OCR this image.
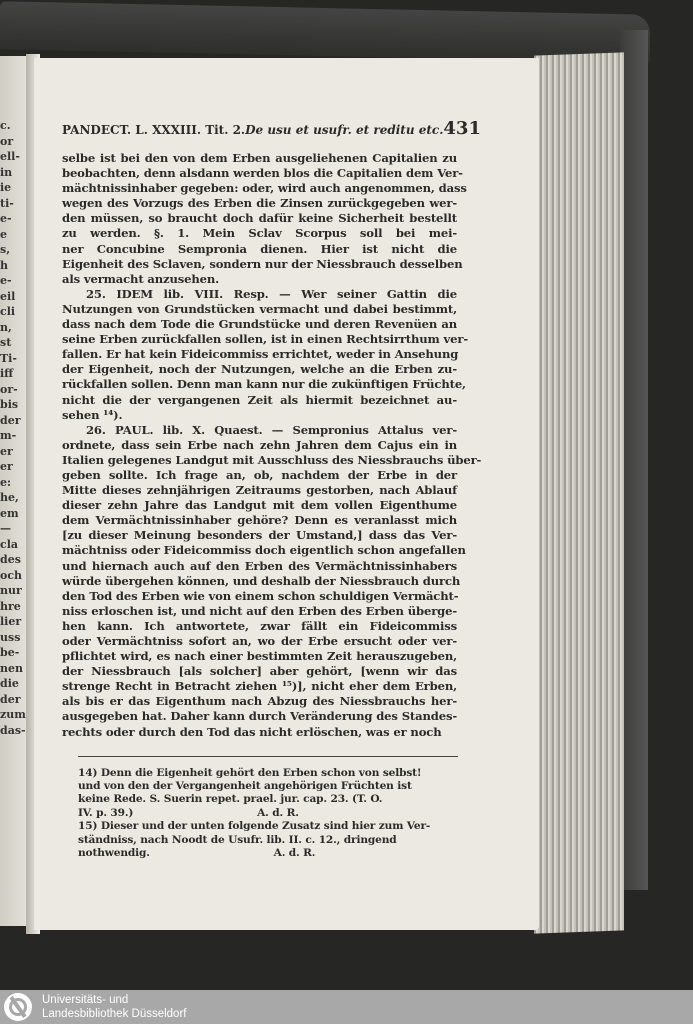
c.
or
ell-
in
ie
ti-
e-
e
s,
h
e-
eil
cli
n,
st
Ti-
iff
or-
bis
der
m-
er
er
e:
he,
em
—
cla
des
och
nur
hre
lier
uss
be-
nen
die
der
zum
das-
PANDECT. L. XXXIII. Tit. 2. De usu et usufr. et reditu etc. 431
selbe ist bei den von dem Erben ausgeliehenen Capitalien zu
beobachten, denn alsdann werden blos die Capitalien dem Ver-
mächtnissinhaber gegeben: oder, wird auch angenommen, dass
wegen des Vorzugs des Erben die Zinsen zurückgegeben wer-
den müssen, so braucht doch dafür keine Sicherheit bestellt
zu werden. §. 1. Mein Sclav Scorpus soll bei mei-
ner Concubine Sempronia dienen. Hier ist nicht die
Eigenheit des Sclaven, sondern nur der Niessbrauch desselben
als vermacht anzusehen.
25. IDEM lib. VIII. Resp. — Wer seiner Gattin die
Nutzungen von Grundstücken vermacht und dabei bestimmt,
dass nach dem Tode die Grundstücke und deren Revenüen an
seine Erben zurückfallen sollen, ist in einen Rechtsirrthum ver-
fallen. Er hat kein Fideicommiss errichtet, weder in Ansehung
der Eigenheit, noch der Nutzungen, welche an die Erben zu-
rückfallen sollen. Denn man kann nur die zukünftigen Früchte,
nicht die der vergangenen Zeit als hiermit bezeichnet au-
sehen ¹⁴).
26. PAUL. lib. X. Quaest. — Sempronius Attalus ver-
ordnete, dass sein Erbe nach zehn Jahren dem Cajus ein in
Italien gelegenes Landgut mit Ausschluss des Niessbrauchs über-
geben sollte. Ich frage an, ob, nachdem der Erbe in der
Mitte dieses zehnjährigen Zeitraums gestorben, nach Ablauf
dieser zehn Jahre das Landgut mit dem vollen Eigenthume
dem Vermächtnissinhaber gehöre? Denn es veranlasst mich
[zu dieser Meinung besonders der Umstand,] dass das Ver-
mächtniss oder Fideicommiss doch eigentlich schon angefallen
und hiernach auch auf den Erben des Vermächtnissinhabers
würde übergehen können, und deshalb der Niessbrauch durch
den Tod des Erben wie von einem schon schuldigen Vermächt-
niss erloschen ist, und nicht auf den Erben des Erben überge-
hen kann. Ich antwortete, zwar fällt ein Fideicommiss
oder Vermächtniss sofort an, wo der Erbe ersucht oder ver-
pflichtet wird, es nach einer bestimmten Zeit herauszugeben,
der Niessbrauch [als solcher] aber gehört, [wenn wir das
strenge Recht in Betracht ziehen ¹⁵)], nicht eher dem Erben,
als bis er das Eigenthum nach Abzug des Niessbrauchs her-
ausgegeben hat. Daher kann durch Veränderung des Standes-
rechts oder durch den Tod das nicht erlöschen, was er noch
14) Denn die Eigenheit gehört den Erben schon von selbst!
und von den der Vergangenheit angehörigen Früchten ist
keine Rede. S. Suerin repet. prael. jur. cap. 23. (T. O.
IV. p. 39.)                                   A. d. R.
15) Dieser und der unten folgende Zusatz sind hier zum Ver-
ständniss, nach Noodt de Usufr. lib. II. c. 12., dringend
nothwendig.                                   A. d. R.
Universitäts- und
Landesbibliothek Düsseldorf
